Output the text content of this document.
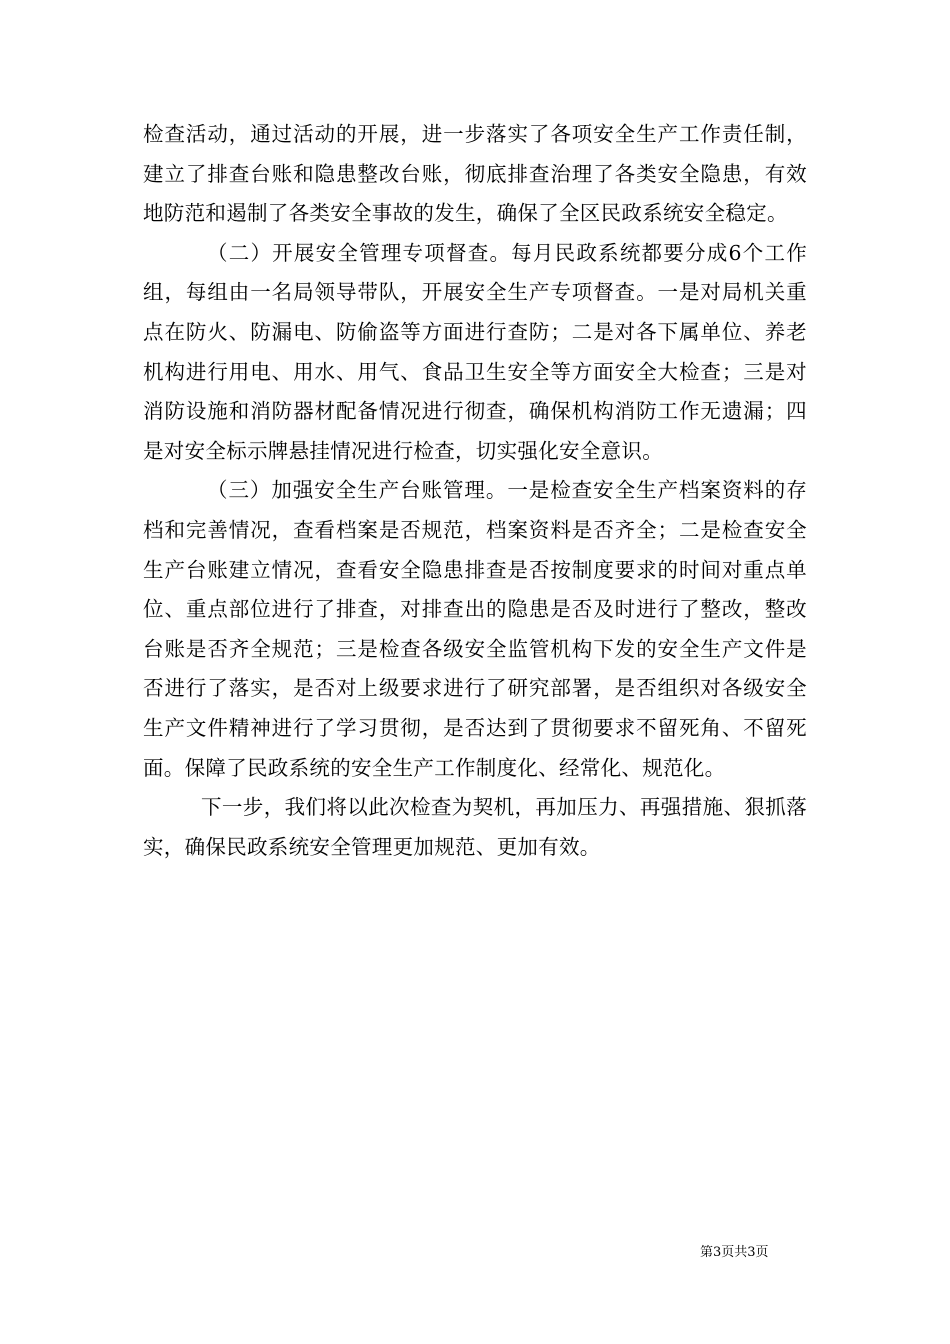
检查活动，通过活动的开展，进一步落实了各项安全生产工作责任制，建立了排查台账和隐患整改台账，彻底排查治理了各类安全隐患，有效地防范和遏制了各类安全事故的发生，确保了全区民政系统安全稳定。

（二）开展安全管理专项督查。每月民政系统都要分成6个工作组，每组由一名局领导带队，开展安全生产专项督查。一是对局机关重点在防火、防漏电、防偷盗等方面进行查防；二是对各下属单位、养老机构进行用电、用水、用气、食品卫生安全等方面安全大检查；三是对消防设施和消防器材配备情况进行彻查，确保机构消防工作无遗漏；四是对安全标示牌悬挂情况进行检查，切实强化安全意识。

（三）加强安全生产台账管理。一是检查安全生产档案资料的存档和完善情况，查看档案是否规范，档案资料是否齐全；二是检查安全生产台账建立情况，查看安全隐患排查是否按制度要求的时间对重点单位、重点部位进行了排查，对排查出的隐患是否及时进行了整改，整改台账是否齐全规范；三是检查各级安全监管机构下发的安全生产文件是否进行了落实，是否对上级要求进行了研究部署，是否组织对各级安全生产文件精神进行了学习贯彻，是否达到了贯彻要求不留死角、不留死面。保障了民政系统的安全生产工作制度化、经常化、规范化。

下一步，我们将以此次检查为契机，再加压力、再强措施、狠抓落实，确保民政系统安全管理更加规范、更加有效。

第3页共3页
